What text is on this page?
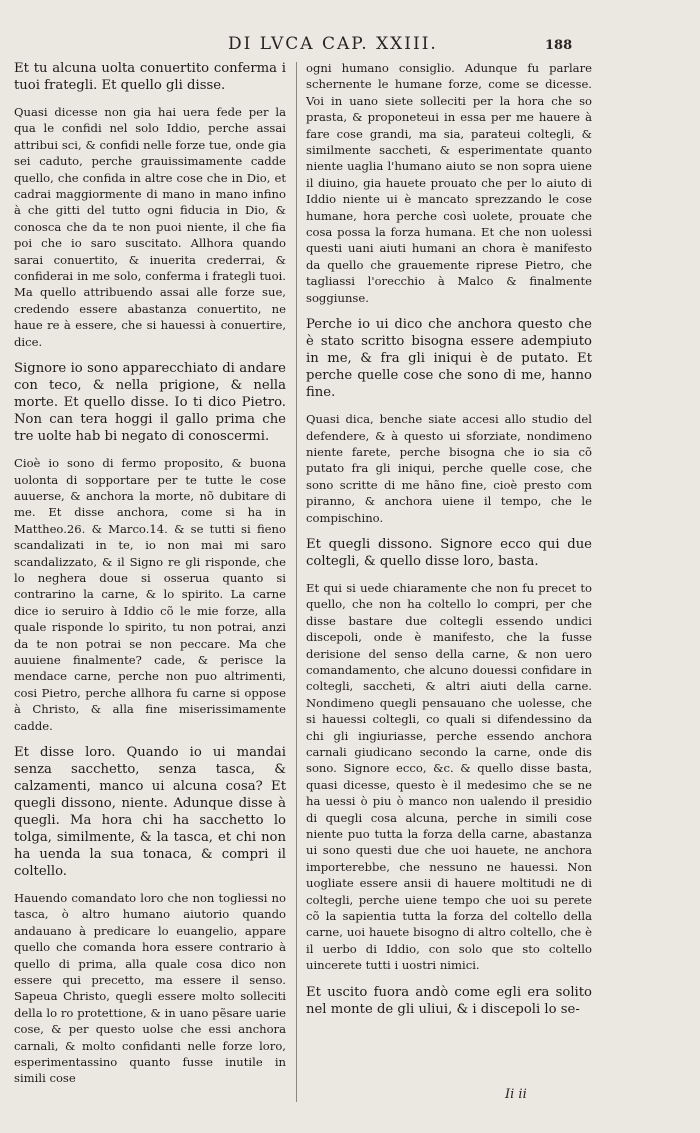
DI LVCA CAP. XXIII.	188

Et tu alcuna uolta conuertito conferma i tuoi frategli. Et quello gli disse.

Quasi dicesse non gia hai uera fede per la qua le confidi nel solo Iddio, perche assai attribui sci, & confidi nelle forze tue, onde gia sei caduto, perche grauissimamente cadde quello, che confida in altre cose che in Dio, et cadrai maggiormente di mano in mano infino à che gitti del tutto ogni fiducia in Dio, & conosca che da te non puoi niente, il che fia poi che io saro suscitato. Allhora quando sarai conuertito, & inuerita crederrai, & confiderai in me solo, conferma i frategli tuoi. Ma quello attribuendo assai alle forze sue, credendo essere abastanza conuertito, ne haue re à essere, che si hauessi à conuertire, dice.

Signore io sono apparecchiato di andare con teco, & nella prigione, & nella morte. Et quello disse. Io ti dico Pietro. Non can tera hoggi il gallo prima che tre uolte hab bi negato di conoscermi.

Cioè io sono di fermo proposito, & buona uolonta di sopportare per te tutte le cose auuerse, & anchora la morte, nõ dubitare di me. Et disse anchora, come si ha in Mattheo.26. & Marco.14. & se tutti si fieno scandalizati in te, io non mai mi saro scandalizzato, & il Signo re gli risponde, che lo neghera doue si osserua quanto si contrarino la carne, & lo spirito. La carne dice io seruiro à Iddio cõ le mie forze, alla quale risponde lo spirito, tu non potrai, anzi da te non potrai se non peccare. Ma che auuiene finalmente? cade, & perisce la mendace carne, perche non puo altrimenti, cosi Pietro, perche allhora fu carne si oppose à Christo, & alla fine miserissimamente cadde.

Et disse loro. Quando io ui mandai senza sacchetto, senza tasca, & calzamenti, manco ui alcuna cosa? Et quegli dissono, niente. Adunque disse à quegli. Ma hora chi ha sacchetto lo tolga, similmente, & la tasca, et chi non ha uenda la sua tonaca, & compri il coltello.

Hauendo comandato loro che non togliessi no tasca, ò altro humano aiutorio quando andauano à predicare lo euangelio, appare quello che comanda hora essere contrario à quello di prima, alla quale cosa dico non essere qui precetto, ma essere il senso. Sapeua Christo, quegli essere molto solleciti della lo ro protettione, & in uano pẽsare uarie cose, & per questo uolse che essi anchora carnali, & molto confidanti nelle forze loro, esperimentassino quanto fusse inutile in simili cose

ogni humano consiglio. Adunque fu parlare schernente le humane forze, come se dicesse. Voi in uano siete solleciti per la hora che so prasta, & proponeteui in essa per me hauere à fare cose grandi, ma sia, parateui coltegli, & similmente saccheti, & esperimentate quanto niente uaglia l'humano aiuto se non sopra uiene il diuino, gia hauete prouato che per lo aiuto di Iddio niente ui è mancato sprezzando le cose humane, hora perche così uolete, prouate che cosa possa la forza humana. Et che non uolessi questi uani aiuti humani an chora è manifesto da quello che grauemente riprese Pietro, che tagliassi l'orecchio à Malco & finalmente soggiunse.

Perche io ui dico che anchora questo che è stato scritto bisogna essere adempiuto in me, & fra gli iniqui è de putato. Et perche quelle cose che sono di me, hanno fine.

Quasi dica, benche siate accesi allo studio del defendere, & à questo ui sforziate, nondimeno niente farete, perche bisogna che io sia cõ putato fra gli iniqui, perche quelle cose, che sono scritte di me hãno fine, cioè presto com piranno, & anchora uiene il tempo, che le compischino.

Et quegli dissono. Signore ecco qui due coltegli, & quello disse loro, basta.

Et qui si uede chiaramente che non fu precet to quello, che non ha coltello lo compri, per che disse bastare due coltegli essendo undici discepoli, onde è manifesto, che la fusse derisione del senso della carne, & non uero comandamento, che alcuno douessi confidare in coltegli, saccheti, & altri aiuti della carne. Nondimeno quegli pensauano che uolesse, che si hauessi coltegli, co quali si difendessino da chi gli ingiuriasse, perche essendo anchora carnali giudicano secondo la carne, onde dis sono. Signore ecco, &c. & quello disse basta, quasi dicesse, questo è il medesimo che se ne ha uessi ò piu ò manco non ualendo il presidio di quegli cosa alcuna, perche in simili cose niente puo tutta la forza della carne, abastanza ui sono questi due che uoi hauete, ne anchora importerebbe, che nessuno ne hauessi. Non uogliate essere ansii di hauere moltitudi ne di coltegli, perche uiene tempo che uoi su perete cõ la sapientia tutta la forza del coltello della carne, uoi hauete bisogno di altro coltello, che è il uerbo di Iddio, con solo que sto coltello uincerete tutti i uostri nimici.

Et uscito fuora andò come egli era solito nel monte de gli uliui, & i discepoli lo se-

Ii ii
